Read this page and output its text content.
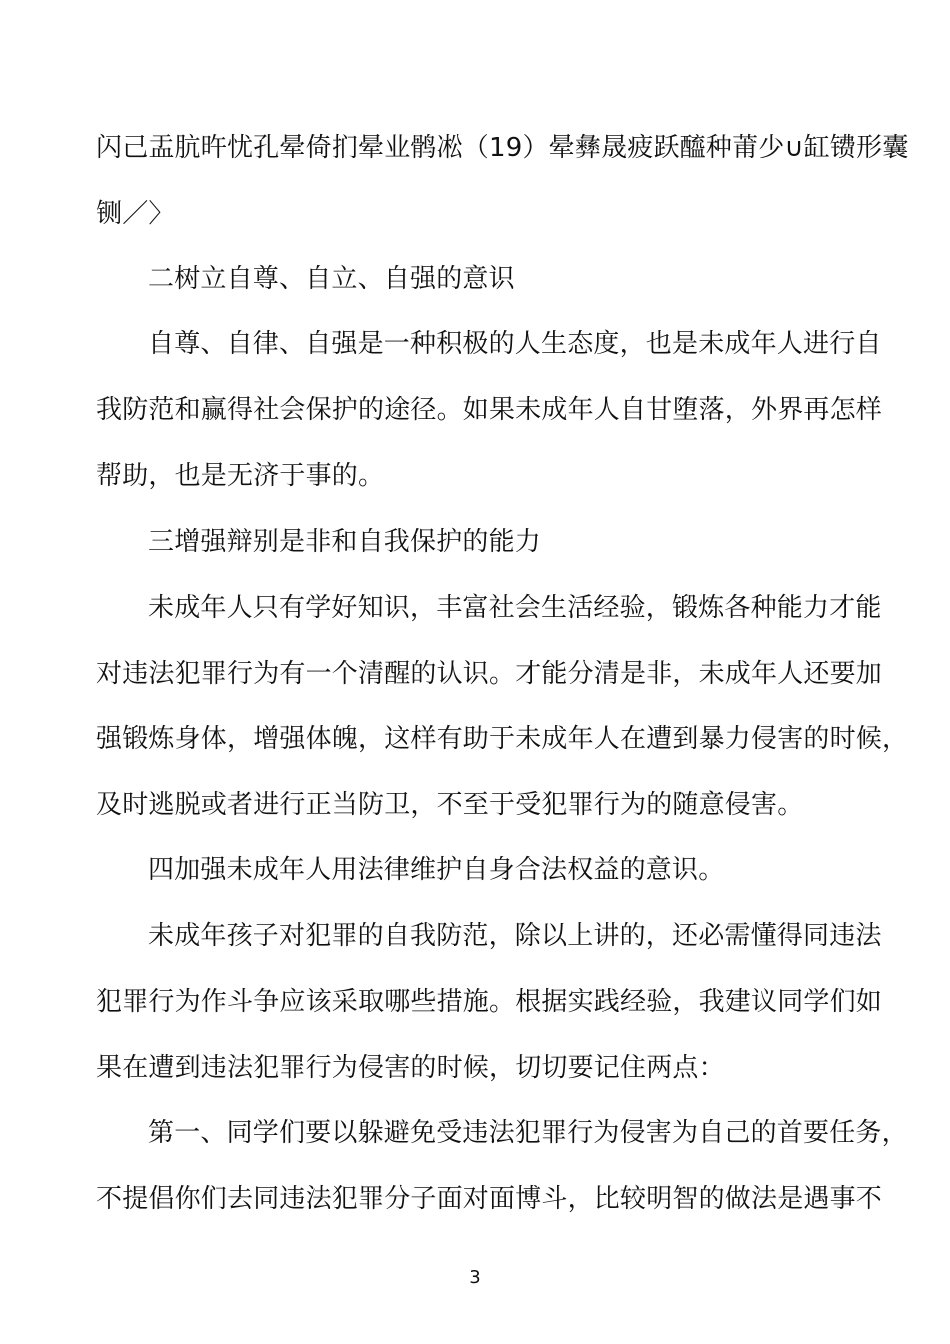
闪己盂肮旿忧孔晕倚扪晕业鹘凇（19）晕彝晟疲跃醯种莆少∪缸镄形囊
铡／〉
二树立自尊、自立、自强的意识
自尊、自律、自强是一种积极的人生态度，也是未成年人进行自
我防范和赢得社会保护的途径。如果未成年人自甘堕落，外界再怎样
帮助，也是无济于事的。
三增强辩别是非和自我保护的能力
未成年人只有学好知识，丰富社会生活经验，锻炼各种能力才能
对违法犯罪行为有一个清醒的认识。才能分清是非，未成年人还要加
强锻炼身体，增强体魄，这样有助于未成年人在遭到暴力侵害的时候，
及时逃脱或者进行正当防卫，不至于受犯罪行为的随意侵害。
四加强未成年人用法律维护自身合法权益的意识。
未成年孩子对犯罪的自我防范，除以上讲的，还必需懂得同违法
犯罪行为作斗争应该采取哪些措施。根据实践经验，我建议同学们如
果在遭到违法犯罪行为侵害的时候，切切要记住两点：
第一、同学们要以躲避免受违法犯罪行为侵害为自己的首要任务，
不提倡你们去同违法犯罪分子面对面博斗，比较明智的做法是遇事不
3
